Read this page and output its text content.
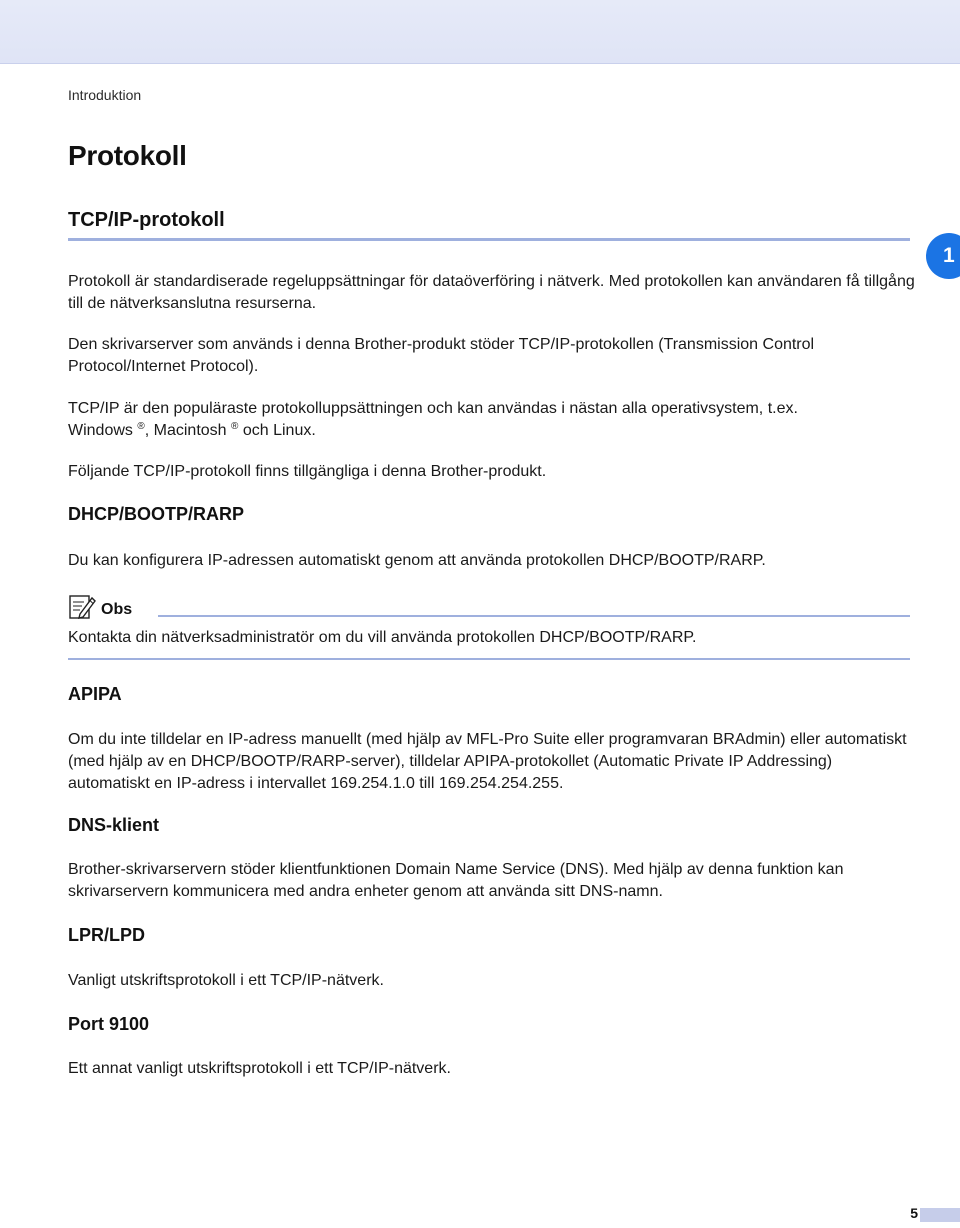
Introduktion
Protokoll
TCP/IP-protokoll
1

Protokoll är standardiserade regeluppsättningar för dataöverföring i nätverk. Med protokollen kan användaren få tillgång till de nätverksanslutna resurserna.

Den skrivarserver som används i denna Brother-produkt stöder TCP/IP-protokollen (Transmission Control Protocol/Internet Protocol).

TCP/IP är den populäraste protokolluppsättningen och kan användas i nästan alla operativsystem, t.ex.
Windows ®, Macintosh ® och Linux.

Följande TCP/IP-protokoll finns tillgängliga i denna Brother-produkt.

DHCP/BOOTP/RARP

Du kan konfigurera IP-adressen automatiskt genom att använda protokollen DHCP/BOOTP/RARP.

Obs

Kontakta din nätverksadministratör om du vill använda protokollen DHCP/BOOTP/RARP.

APIPA

Om du inte tilldelar en IP-adress manuellt (med hjälp av MFL-Pro Suite eller programvaran BRAdmin) eller automatiskt (med hjälp av en DHCP/BOOTP/RARP-server), tilldelar APIPA-protokollet (Automatic Private IP Addressing) automatiskt en IP-adress i intervallet 169.254.1.0 till 169.254.254.255.

DNS-klient

Brother-skrivarservern stöder klientfunktionen Domain Name Service (DNS). Med hjälp av denna funktion kan skrivarservern kommunicera med andra enheter genom att använda sitt DNS-namn.

LPR/LPD

Vanligt utskriftsprotokoll i ett TCP/IP-nätverk.

Port 9100

Ett annat vanligt utskriftsprotokoll i ett TCP/IP-nätverk.

5
